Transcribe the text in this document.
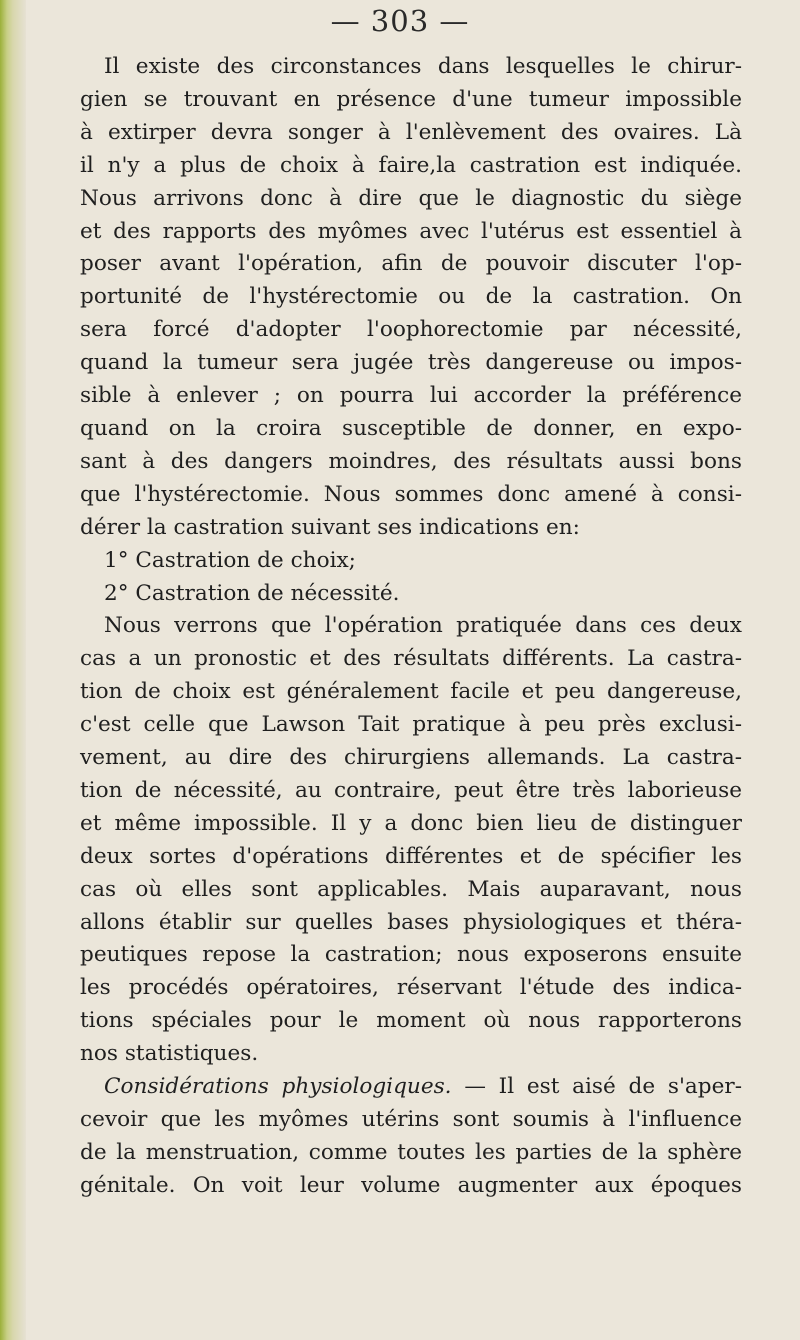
— 303 —

Il existe des circonstances dans lesquelles le chirur-

gien se trouvant en présence d'une tumeur impossible

à extirper devra songer à l'enlèvement des ovaires. Là

il n'y a plus de choix à faire,la castration est indiquée.

Nous arrivons donc à dire que le diagnostic du siège

et des rapports des myômes avec l'utérus est essentiel à

poser avant l'opération, afin de pouvoir discuter l'op-

portunité de l'hystérectomie ou de la castration. On

sera forcé d'adopter l'oophorectomie par nécessité,

quand la tumeur sera jugée très dangereuse ou impos-

sible à enlever ; on pourra lui accorder la préférence

quand on la croira susceptible de donner, en expo-

sant à des dangers moindres, des résultats aussi bons

que l'hystérectomie. Nous sommes donc amené à consi-

dérer la castration suivant ses indications en:

1° Castration de choix;

2° Castration de nécessité.

Nous verrons que l'opération pratiquée dans ces deux

cas a un pronostic et des résultats différents. La castra-

tion de choix est généralement facile et peu dangereuse,

c'est celle que Lawson Tait pratique à peu près exclusi-

vement, au dire des chirurgiens allemands. La castra-

tion de nécessité, au contraire, peut être très laborieuse

et même impossible. Il y a donc bien lieu de distinguer

deux sortes d'opérations différentes et de spécifier les

cas où elles sont applicables. Mais auparavant, nous

allons établir sur quelles bases physiologiques et théra-

peutiques repose la castration; nous exposerons ensuite

les procédés opératoires, réservant l'étude des indica-

tions spéciales pour le moment où nous rapporterons

nos statistiques.

Considérations physiologiques. — Il est aisé de s'aper-

cevoir que les myômes utérins sont soumis à l'influence

de la menstruation, comme toutes les parties de la sphère

génitale. On voit leur volume augmenter aux époques
